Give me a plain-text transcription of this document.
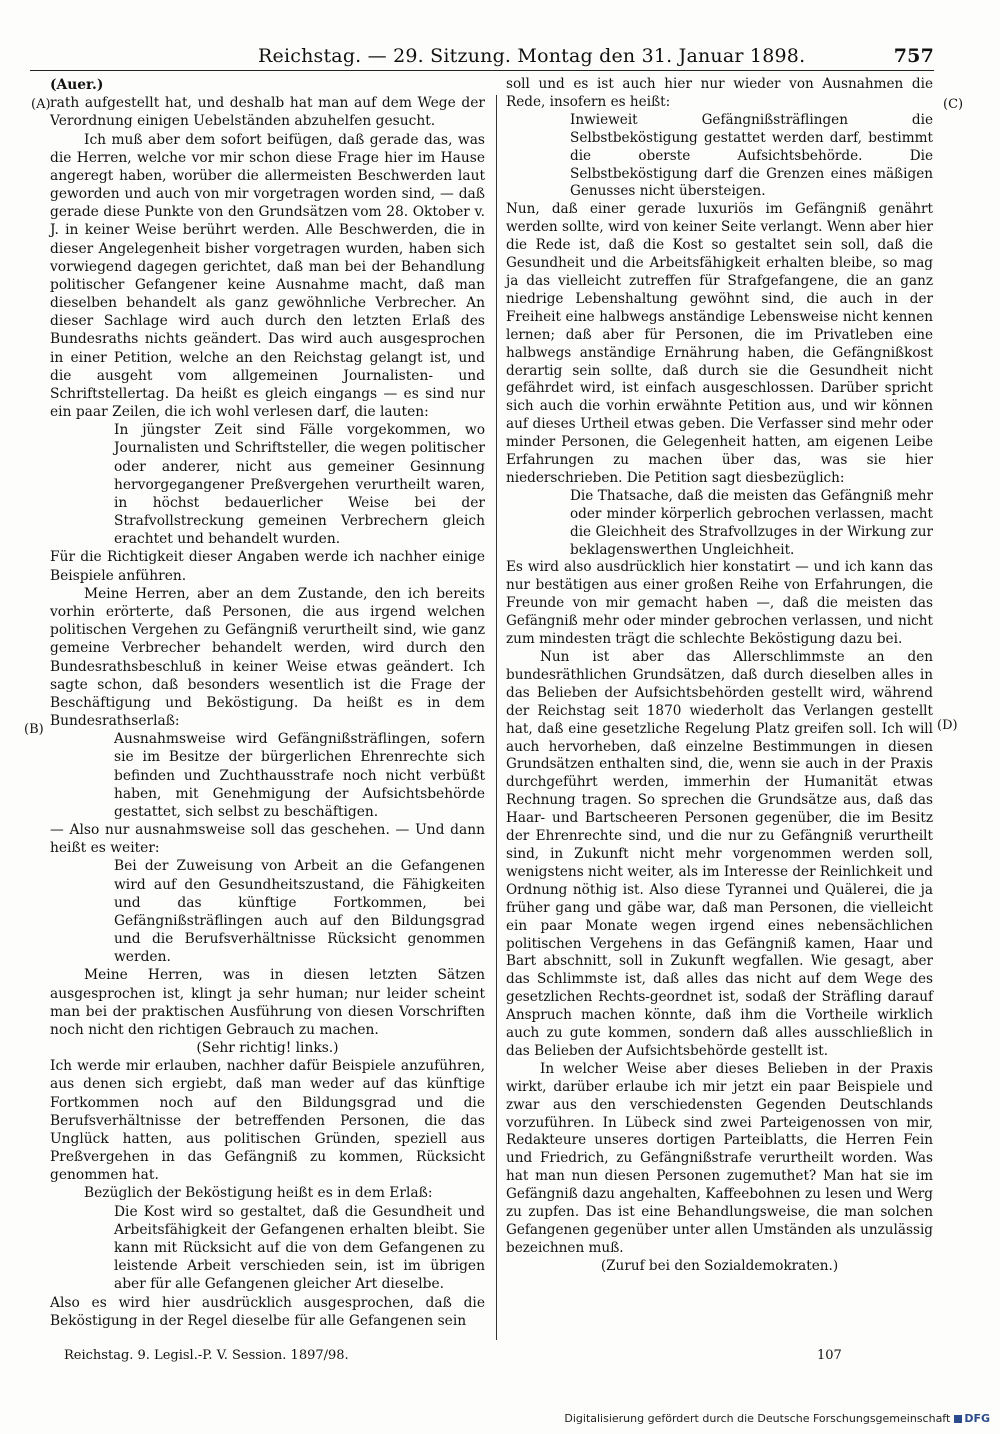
Reichstag. — 29. Sitzung. Montag den 31. Januar 1898.	757
(A)
(B)
(C)
(D)

(Auer.)

rath aufgestellt hat, und deshalb hat man auf dem Wege der Verordnung einigen Uebelständen abzuhelfen gesucht.

Ich muß aber dem sofort beifügen, daß gerade das, was die Herren, welche vor mir schon diese Frage hier im Hause angeregt haben, worüber die allermeisten Beschwerden laut geworden und auch von mir vorgetragen worden sind, — daß gerade diese Punkte von den Grundsätzen vom 28. Oktober v. J. in keiner Weise berührt werden. Alle Beschwerden, die in dieser Angelegenheit bisher vorgetragen wurden, haben sich vorwiegend dagegen gerichtet, daß man bei der Behandlung politischer Gefangener keine Ausnahme macht, daß man dieselben behandelt als ganz gewöhnliche Verbrecher. An dieser Sachlage wird auch durch den letzten Erlaß des Bundesraths nichts geändert. Das wird auch ausgesprochen in einer Petition, welche an den Reichstag gelangt ist, und die ausgeht vom allgemeinen Journalisten- und Schriftstellertag. Da heißt es gleich eingangs — es sind nur ein paar Zeilen, die ich wohl verlesen darf, die lauten:

In jüngster Zeit sind Fälle vorgekommen, wo Journalisten und Schriftsteller, die wegen politischer oder anderer, nicht aus gemeiner Gesinnung hervorgegangener Preßvergehen verurtheilt waren, in höchst bedauerlicher Weise bei der Strafvollstreckung gemeinen Verbrechern gleich erachtet und behandelt wurden.

Für die Richtigkeit dieser Angaben werde ich nachher einige Beispiele anführen.

Meine Herren, aber an dem Zustande, den ich bereits vorhin erörterte, daß Personen, die aus irgend welchen politischen Vergehen zu Gefängniß verurtheilt sind, wie ganz gemeine Verbrecher behandelt werden, wird durch den Bundesrathsbeschluß in keiner Weise etwas geändert. Ich sagte schon, daß besonders wesentlich ist die Frage der Beschäftigung und Beköstigung. Da heißt es in dem Bundesrathserlaß:

Ausnahmsweise wird Gefängnißsträflingen, sofern sie im Besitze der bürgerlichen Ehrenrechte sich befinden und Zuchthausstrafe noch nicht verbüßt haben, mit Genehmigung der Aufsichtsbehörde gestattet, sich selbst zu beschäftigen.

— Also nur ausnahmsweise soll das geschehen. — Und dann heißt es weiter:

Bei der Zuweisung von Arbeit an die Gefangenen wird auf den Gesundheitszustand, die Fähigkeiten und das künftige Fortkommen, bei Gefängnißsträflingen auch auf den Bildungsgrad und die Berufsverhältnisse Rücksicht genommen werden.

Meine Herren, was in diesen letzten Sätzen ausgesprochen ist, klingt ja sehr human; nur leider scheint man bei der praktischen Ausführung von diesen Vorschriften noch nicht den richtigen Gebrauch zu machen.

(Sehr richtig! links.)

Ich werde mir erlauben, nachher dafür Beispiele anzuführen, aus denen sich ergiebt, daß man weder auf das künftige Fortkommen noch auf den Bildungsgrad und die Berufsverhältnisse der betreffenden Personen, die das Unglück hatten, aus politischen Gründen, speziell aus Preßvergehen in das Gefängniß zu kommen, Rücksicht genommen hat.

Bezüglich der Beköstigung heißt es in dem Erlaß:

Die Kost wird so gestaltet, daß die Gesundheit und Arbeitsfähigkeit der Gefangenen erhalten bleibt. Sie kann mit Rücksicht auf die von dem Gefangenen zu leistende Arbeit verschieden sein, ist im übrigen aber für alle Gefangenen gleicher Art dieselbe.

Also es wird hier ausdrücklich ausgesprochen, daß die Beköstigung in der Regel dieselbe für alle Gefangenen sein

soll und es ist auch hier nur wieder von Ausnahmen die Rede, insofern es heißt:

Inwieweit Gefängnißsträflingen die Selbstbeköstigung gestattet werden darf, bestimmt die oberste Aufsichtsbehörde. Die Selbstbeköstigung darf die Grenzen eines mäßigen Genusses nicht übersteigen.

Nun, daß einer gerade luxuriös im Gefängniß genährt werden sollte, wird von keiner Seite verlangt. Wenn aber hier die Rede ist, daß die Kost so gestaltet sein soll, daß die Gesundheit und die Arbeitsfähigkeit erhalten bleibe, so mag ja das vielleicht zutreffen für Strafgefangene, die an ganz niedrige Lebenshaltung gewöhnt sind, die auch in der Freiheit eine halbwegs anständige Lebensweise nicht kennen lernen; daß aber für Personen, die im Privatleben eine halbwegs anständige Ernährung haben, die Gefängnißkost derartig sein sollte, daß durch sie die Gesundheit nicht gefährdet wird, ist einfach ausgeschlossen. Darüber spricht sich auch die vorhin erwähnte Petition aus, und wir können auf dieses Urtheil etwas geben. Die Verfasser sind mehr oder minder Personen, die Gelegenheit hatten, am eigenen Leibe Erfahrungen zu machen über das, was sie hier niederschrieben. Die Petition sagt diesbezüglich:

Die Thatsache, daß die meisten das Gefängniß mehr oder minder körperlich gebrochen verlassen, macht die Gleichheit des Strafvollzuges in der Wirkung zur beklagenswerthen Ungleichheit.

Es wird also ausdrücklich hier konstatirt — und ich kann das nur bestätigen aus einer großen Reihe von Erfahrungen, die Freunde von mir gemacht haben —, daß die meisten das Gefängniß mehr oder minder gebrochen verlassen, und nicht zum mindesten trägt die schlechte Beköstigung dazu bei.

Nun ist aber das Allerschlimmste an den bundesräthlichen Grundsätzen, daß durch dieselben alles in das Belieben der Aufsichtsbehörden gestellt wird, während der Reichstag seit 1870 wiederholt das Verlangen gestellt hat, daß eine gesetzliche Regelung Platz greifen soll. Ich will auch hervorheben, daß einzelne Bestimmungen in diesen Grundsätzen enthalten sind, die, wenn sie auch in der Praxis durchgeführt werden, immerhin der Humanität etwas Rechnung tragen. So sprechen die Grundsätze aus, daß das Haar- und Bartscheeren Personen gegenüber, die im Besitz der Ehrenrechte sind, und die nur zu Gefängniß verurtheilt sind, in Zukunft nicht mehr vorgenommen werden soll, wenigstens nicht weiter, als im Interesse der Reinlichkeit und Ordnung nöthig ist. Also diese Tyrannei und Quälerei, die ja früher gang und gäbe war, daß man Personen, die vielleicht ein paar Monate wegen irgend eines nebensächlichen politischen Vergehens in das Gefängniß kamen, Haar und Bart abschnitt, soll in Zukunft wegfallen. Wie gesagt, aber das Schlimmste ist, daß alles das nicht auf dem Wege des gesetzlichen Rechts-geordnet ist, sodaß der Sträfling darauf Anspruch machen könnte, daß ihm die Vortheile wirklich auch zu gute kommen, sondern daß alles ausschließlich in das Belieben der Aufsichtsbehörde gestellt ist.

In welcher Weise aber dieses Belieben in der Praxis wirkt, darüber erlaube ich mir jetzt ein paar Beispiele und zwar aus den verschiedensten Gegenden Deutschlands vorzuführen. In Lübeck sind zwei Parteigenossen von mir, Redakteure unseres dortigen Parteiblatts, die Herren Fein und Friedrich, zu Gefängnißstrafe verurtheilt worden. Was hat man nun diesen Personen zugemuthet? Man hat sie im Gefängniß dazu angehalten, Kaffeebohnen zu lesen und Werg zu zupfen. Das ist eine Behandlungsweise, die man solchen Gefangenen gegenüber unter allen Umständen als unzulässig bezeichnen muß.

(Zuruf bei den Sozialdemokraten.)

Reichstag. 9. Legisl.-P. V. Session. 1897/98.	107
Digitalisierung gefördert durch die Deutsche Forschungsgemeinschaft DFG
